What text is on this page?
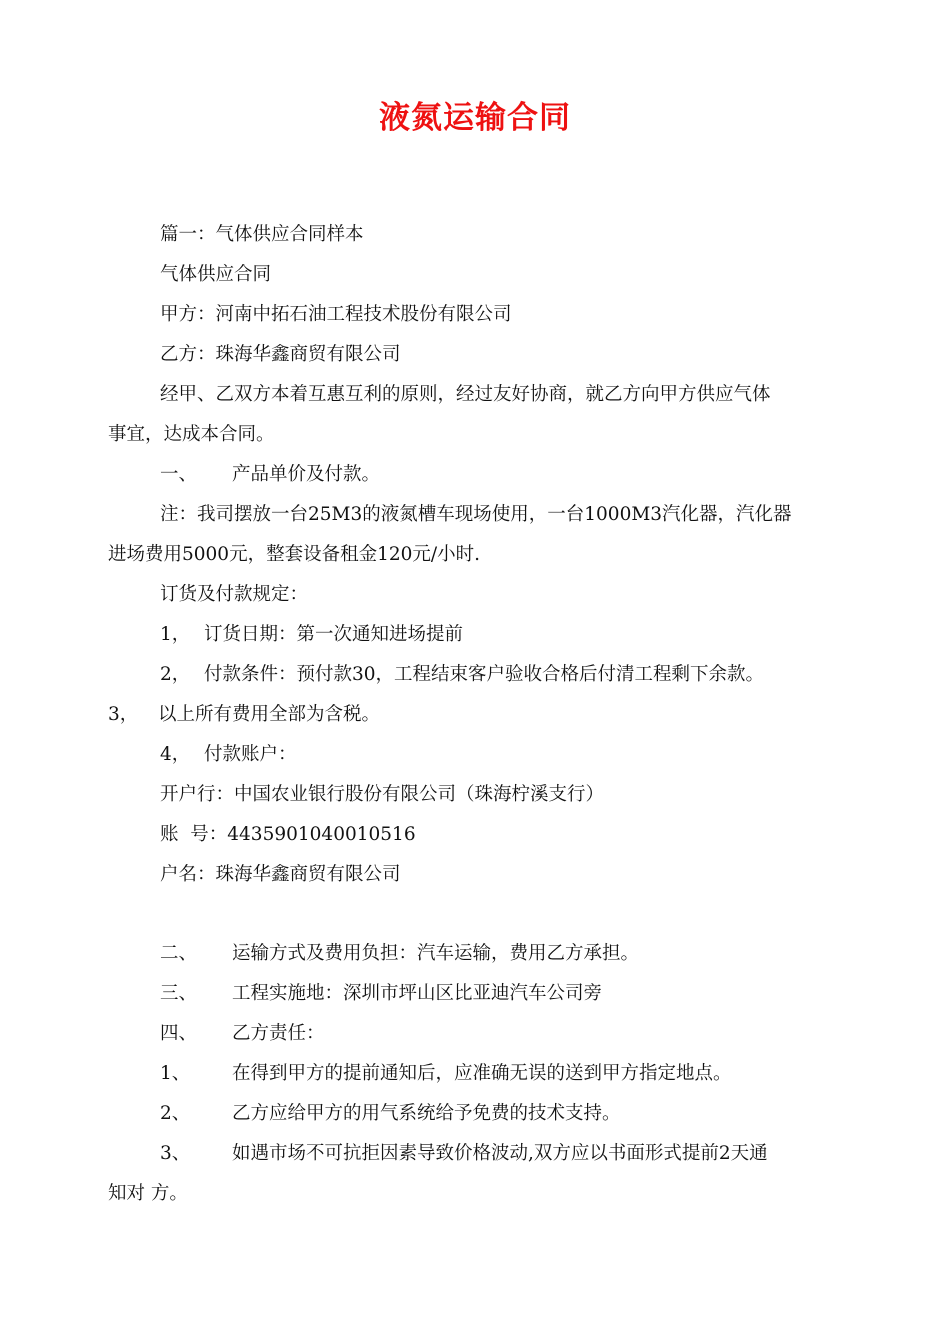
液氮运输合同
篇一：气体供应合同样本
气体供应合同
甲方：河南中拓石油工程技术股份有限公司
乙方：珠海华鑫商贸有限公司
经甲、乙双方本着互惠互利的原则，经过友好协商，就乙方向甲方供应气体
事宜，达成本合同。
一、 产品单价及付款。
注：我司摆放一台25M3的液氮槽车现场使用，一台1000M3汽化器，汽化器
进场费用5000元，整套设备租金120元/小时.
订货及付款规定：
1， 订货日期：第一次通知进场提前
2， 付款条件：预付款30，工程结束客户验收合格后付清工程剩下余款。
3， 以上所有费用全部为含税。
4， 付款账户：
开户行：中国农业银行股份有限公司（珠海柠溪支行）
账  号：4435901040010516
户名：珠海华鑫商贸有限公司
二、 运输方式及费用负担：汽车运输，费用乙方承担。
三、 工程实施地：深圳市坪山区比亚迪汽车公司旁
四、 乙方责任：
1、 在得到甲方的提前通知后，应准确无误的送到甲方指定地点。
2、 乙方应给甲方的用气系统给予免费的技术支持。
3、 如遇市场不可抗拒因素导致价格波动,双方应以书面形式提前2天通
知对 方。
